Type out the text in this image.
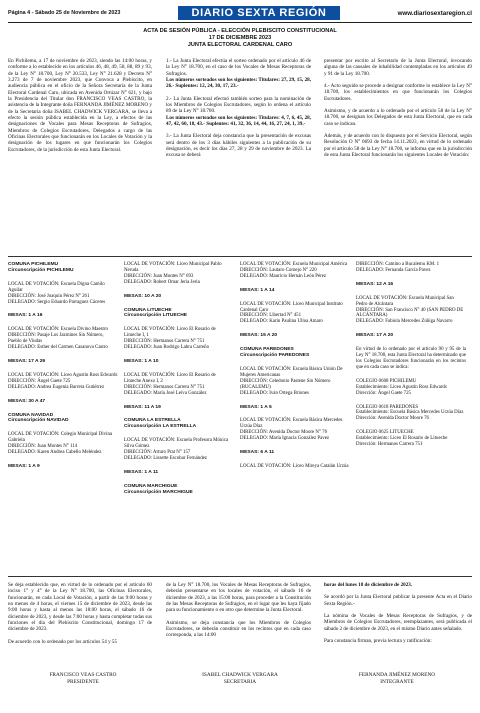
Página 4 - Sábado 25 de Noviembre de 2023	DIARIO SEXTA REGIÓN	www.diariosextaregion.cl
ACTA DE SESIÓN PÚBLICA - ELECCIÓN PLEBISCITO CONSTITUCIONAL
17 DE DICIEMBRE 2023
JUNTA ELECTORAL CARDENAL CARO

En Pichilemu, a 17 de noviembre de 2023, siendo las 14:00 horas, y conforme a lo establecido en los artículos 46, 48, 49, 58, 88, 89 y 93, de la Ley N° 18.700, Ley N° 20.533, Ley N° 21.628 y Decreto N° 3.273 de 7 de noviembre 2023, que Convoca a Plebiscito, en audiencia pública en el oficio de la Señora Secretaria de la Junta Electoral Cardenal Caro, ubicada en Avenida Ortúzar N° 621, y bajo la Presidencia del Titular don FRANCISCO VEAS CASTRO, la asistencia de la Integrante doña FERNANDA JIMÉNEZ MORENO y de la Secretaria doña ISABEL CHADWICK VERGARA, se lleva a efecto la sesión pública establecida en la Ley, a efectos de las designaciones de Vocales para Mesas Receptoras de Sufragios, Miembros de Colegios Escrutadores, Delegados a cargo de las Oficinas Electorales que funcionarán en los Locales de Votación y la designación de los lugares en que funcionarán los Colegios Escrutadores, de la jurisdicción de esta Junta Electoral.

1.- La Junta Electoral efectúa el sorteo ordenado por el artículo 46 de la Ley N° 18.700, en el caso de los Vocales de Mesas Receptoras de Sufragios.

Los números sorteados son los siguientes: Titulares: 27, 29, 15, 28, 26.- Suplentes: 12, 24, 30, 17, 23.-

2.- La Junta Electoral efectuó también sorteo para la nominación de los Miembros de Colegios Escrutadores, según lo ordena el artículo 89 de la Ley N° 18.700.

Los números sorteados son los siguientes: Titulares: 4, 7, 6, 45, 28, 47, 42, 60, 18, 43.- Suplentes: 41, 32, 36, 14, 44, 16, 27, 24, 1, 39.-

3.- La Junta Electoral deja constancia que la presentación de excusas será dentro de los 3 días hábiles siguientes a la publicación de su designación, es decir los días 27, 28 y 29 de noviembre de 2023. La excusa se deberá

presentar por escrito al Secretario de la Junta Electoral, invocando alguna de las causales de inhabilidad contempladas en los artículos 49 y 91 de la Ley 18.700.

4.- Acto seguido se procede a designar conforme lo establece la Ley N° 18.700, los establecimientos en que funcionarán los Colegios Escrutadores.

Asimismo, y de acuerdo a lo ordenado por el artículo 58 de la Ley N° 18.700, se designan los Delegados de esta Junta Electoral, que en cada caso se indican.

Además, y de acuerdo con lo dispuesto por el Servicio Electoral, según Resolución O N° 0693 de fecha 14.11.2023, en virtud de lo ordenado por el artículo 58 de la Ley N° 18.700, se informa que en la jurisdicción de esta Junta Electoral funcionarán los siguientes Locales de Votación:

COMUNA PICHILEMU
Circunscripción PICHILEMU
LOCAL DE VOTACIÓN: Escuela Digna Camilo Aguilar
DIRECCIÓN: José Joaquín Pérez N° 261
DELEGADO: Sergio Eduardo Parraguez Cáceres
MESAS: 1 A 16
LOCAL DE VOTACIÓN: Escuela Divino Maestro
DIRECCIÓN: Pasaje Los Jazmines Sin Número, Pueblo de Viudas
DELEGADO: Esther del Carmen Casanova Castro
MESAS: 17 A 29
LOCAL DE VOTACIÓN: Liceo Agustín Ross Edwards
DIRECCIÓN: Ángel Gaete 725
DELEGADO: Andrea Eugenia Barrera Gutiérrez
MESAS: 30 A 47
COMUNA NAVIDAD
Circunscripción NAVIDAD
LOCAL DE VOTACIÓN: Colegio Municipal Divina Gabriela
DIRECCIÓN: Juan Montes N° 114
DELEGADO: Karen Andrea Cabello Meléndez
MESAS: 1 A 9
LOCAL DE VOTACIÓN: Liceo Municipal Pablo Neruda
DIRECCIÓN: Juan Montes N° 693
DELEGADO: Robert Omar Jeria Jeria
MESAS: 10 A 20
COMUNA LITUECHE
Circunscripción LITUECHE
LOCAL DE VOTACIÓN: Liceo El Rosario de Litueche I, 1
DIRECCIÓN: Hermanos Carrera N° 751
DELEGADO: Juan Rodrigo Labra Carreño
MESAS: 1 A 10
LOCAL DE VOTACIÓN: Liceo El Rosario de Litueche Anexo I, 2
DIRECCIÓN: Hermanos Carrera N° 751
DELEGADO: María José Leiva González
MESAS: 11 A 19
COMUNA LA ESTRELLA
Circunscripción LA ESTRELLA
LOCAL DE VOTACIÓN: Escuela Profesora Mónica Silva Gómez
DIRECCIÓN: Arturo Prat N° 157
DELEGADO: Lissette Escobar Fernández
MESAS: 1 A 11
COMUNA MARCHIGUE
Circunscripción MARCHIGUE
LOCAL DE VOTACIÓN: Escuela Municipal América
DIRECCIÓN: Lautaro Cornejo N° 220
DELEGADO: Mauricio Hernán León Pérez
MESAS: 1 A 14
LOCAL DE VOTACIÓN: Liceo Municipal Instituto Cardenal Caro
DIRECCIÓN: Libertad N° 451
DELEGADO: Karin Paulina Ulloa Amaro
MESAS: 15 A 20
COMUNA PAREDONES
Circunscripción PAREDONES
LOCAL DE VOTACIÓN: Escuela Básica Unión De Mujeres Americanas
DIRECCIÓN: Celedonio Pastene Sin Número (BUCALEMU)
DELEGADO: Iván Ortega Briones
MESAS: 1 A 5
LOCAL DE VOTACIÓN: Escuela Básica Mercedes Urzúa Díaz
DIRECCIÓN: Avenida Doctor Moore N° 76
DELEGADO: María Ignacia González Pavez
MESAS: 6 A 11
LOCAL DE VOTACIÓN: Liceo Mireya Catalán Urzúa
DIRECCIÓN: Camino a Bucalemu KM. 1
DELEGADO: Fernanda García Pavez
MESAS: 12 A 16
LOCAL DE VOTACIÓN: Escuela Municipal San Pedro de Alcántara
DIRECCIÓN: San Francisco N° 40 (SAN PEDRO DE ALCÁNTARA)
DELEGADO: Fabiola Mercedes Zúñiga Navarro
MESAS: 17 A 20
En virtud de lo ordenado por el artículo 90 y 95 de la Ley N° 18.700, esta Junta Electoral ha determinado que los Colegios Escrutadores funcionarán en los recintos que en cada caso se indica:
COLEGIO 0608 PICHILEMU
Establecimiento: Liceo Agustín Ross Edwards
Dirección: Ángel Gaete 725
COLEGIO 0618 PAREDONES
Establecimiento: Escuela Básica Mercedes Urzúa Díaz
Dirección: Avenida Doctor Moore 76
COLEGIO 0625 LITUECHE
Establecimiento: Liceo El Rosario de Litueche
Dirección: Hermanos Carrera 751

Se deja establecido que, en virtud de lo ordenado por el artículo 60 inciso 1° y 4° de la Ley N° 18.700, las Oficinas Electorales, funcionarán, en cada Local de Votación, a partir de las 9:00 horas y no menos de 4 horas, el viernes 15 de diciembre de 2023, desde las 9:00 horas y hasta al menos las 18:00 horas, el sábado 16 de diciembre de 2023, y desde las 7:00 horas y hasta completar todas sus funciones el día del Plebiscito Constitucional, domingo 17 de diciembre de 2023.

De acuerdo con lo ordenado por los artículos 54 y 55

de la Ley N° 18.700, los Vocales de Mesas Receptoras de Sufragios, deberán presentarse en los locales de votación, el sábado 16 de diciembre de 2023, a las 15:00 horas, para proceder a la Constitución de las Mesas Receptoras de Sufragios, en el lugar que les haya fijado para su funcionamiento o en otro que determine la Junta Electoral.

Asimismo, se deja constancia que los Miembros de Colegios Escrutadores, se deberán constituir en los recintos que en cada caso corresponda, a las 14:00

horas del lunes 18 de diciembre de 2023.

Se acordó por la Junta Electoral publicar la presente Acta en el Diario Sexta Región.-

La nómina de Vocales de Mesas Receptoras de Sufragios, y de Miembros de Colegios Escrutadores, reemplazantes, será publicada el sábado 2 de diciembre de 2023, en el mismo Diario antes señalado.

Para constancia firman, previa lectura y ratificación:

FRANCISCO VEAS CASTRO
PRESIDENTE
ISABEL CHADWICK VERGARA
SECRETARIA
FERNANDA JIMÉNEZ MORENO
INTEGRANTE
